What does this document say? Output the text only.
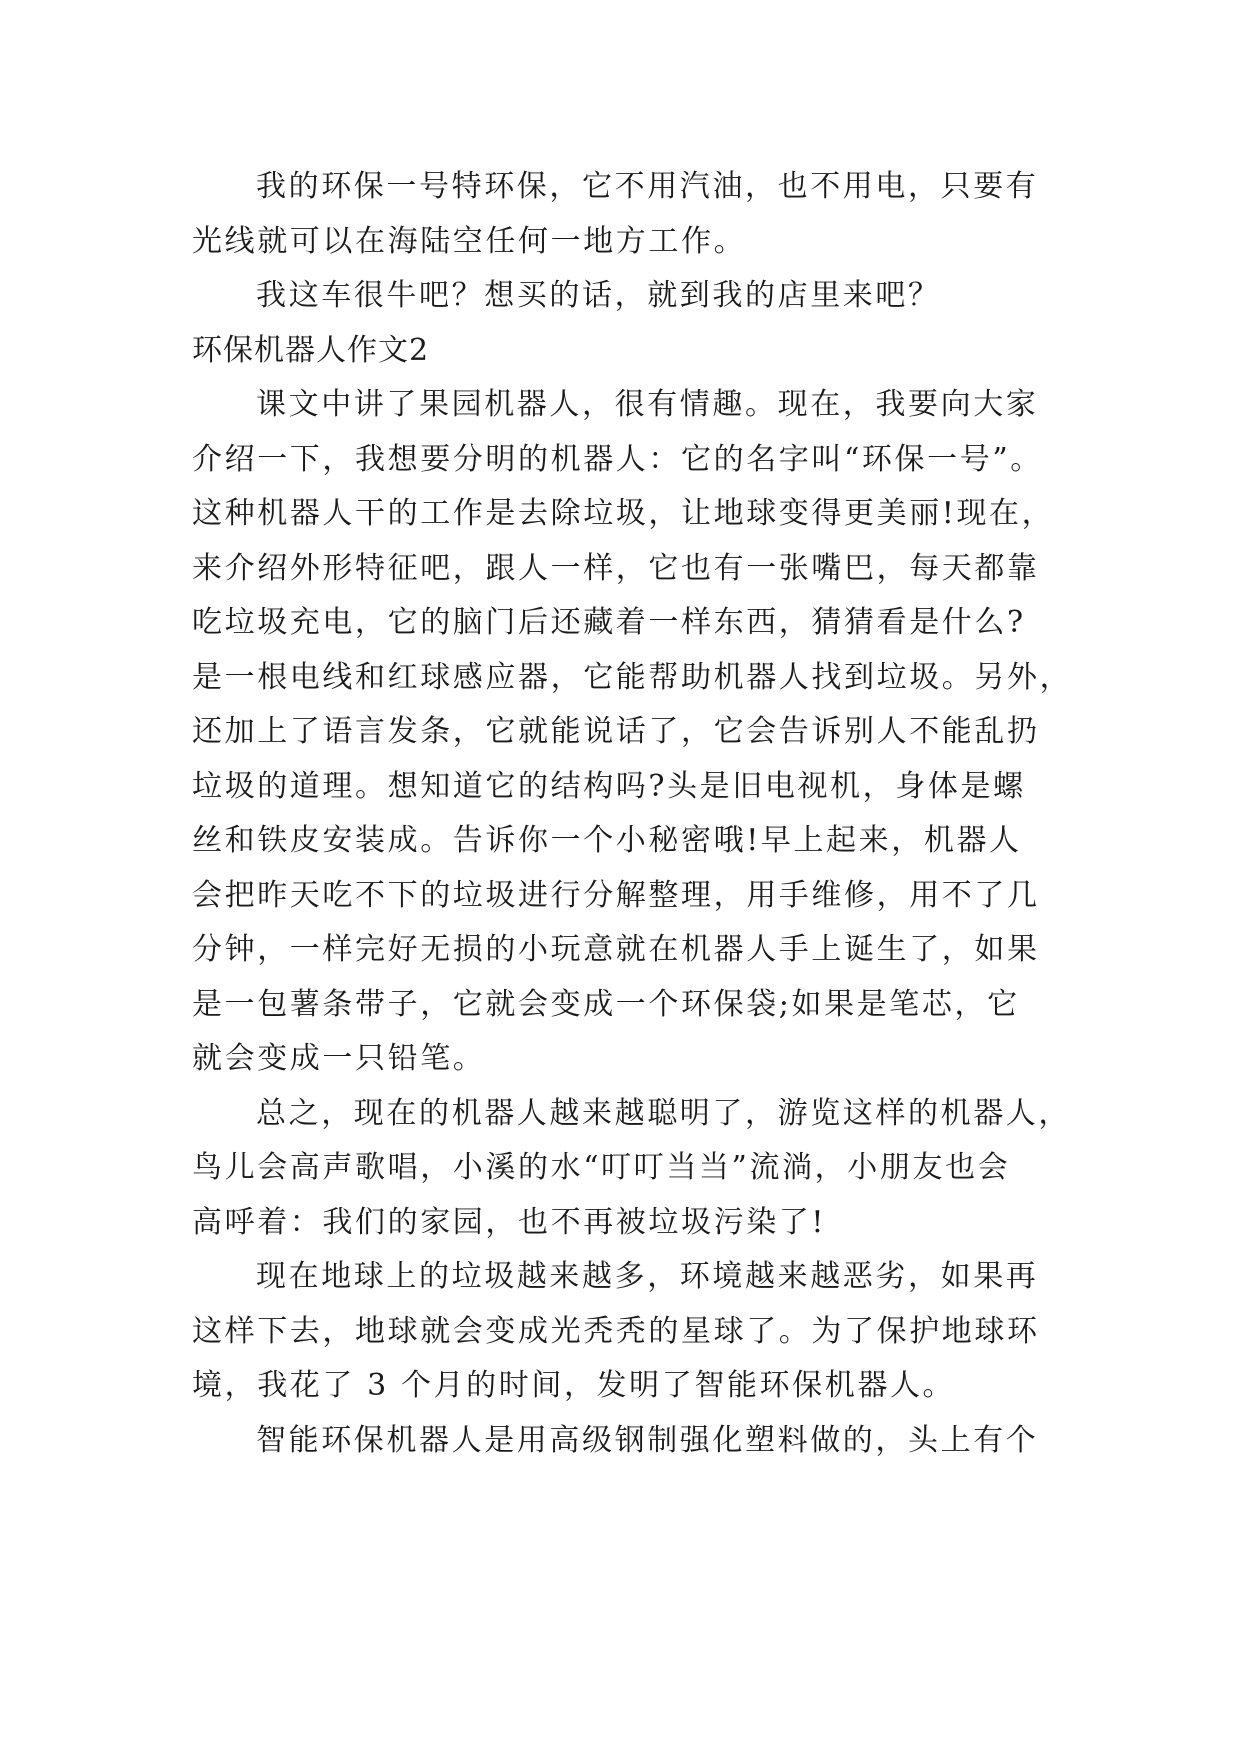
我的环保一号特环保，它不用汽油，也不用电，只要有
光线就可以在海陆空任何一地方工作。
我这车很牛吧？想买的话，就到我的店里来吧？
环保机器人作文2
课文中讲了果园机器人，很有情趣。现在，我要向大家
介绍一下，我想要分明的机器人：它的名字叫“环保一号”。
这种机器人干的工作是去除垃圾，让地球变得更美丽!现在，
来介绍外形特征吧，跟人一样，它也有一张嘴巴，每天都靠
吃垃圾充电，它的脑门后还藏着一样东西，猜猜看是什么?
是一根电线和红球感应器，它能帮助机器人找到垃圾。另外，
还加上了语言发条，它就能说话了，它会告诉别人不能乱扔
垃圾的道理。想知道它的结构吗?头是旧电视机，身体是螺
丝和铁皮安装成。告诉你一个小秘密哦!早上起来，机器人
会把昨天吃不下的垃圾进行分解整理，用手维修，用不了几
分钟，一样完好无损的小玩意就在机器人手上诞生了，如果
是一包薯条带子，它就会变成一个环保袋;如果是笔芯，它
就会变成一只铅笔。
总之，现在的机器人越来越聪明了，游览这样的机器人，
鸟儿会高声歌唱，小溪的水“叮叮当当”流淌，小朋友也会
高呼着：我们的家园，也不再被垃圾污染了!
现在地球上的垃圾越来越多，环境越来越恶劣，如果再
这样下去，地球就会变成光秃秃的星球了。为了保护地球环
境，我花了 3 个月的时间，发明了智能环保机器人。
智能环保机器人是用高级钢制强化塑料做的，头上有个
